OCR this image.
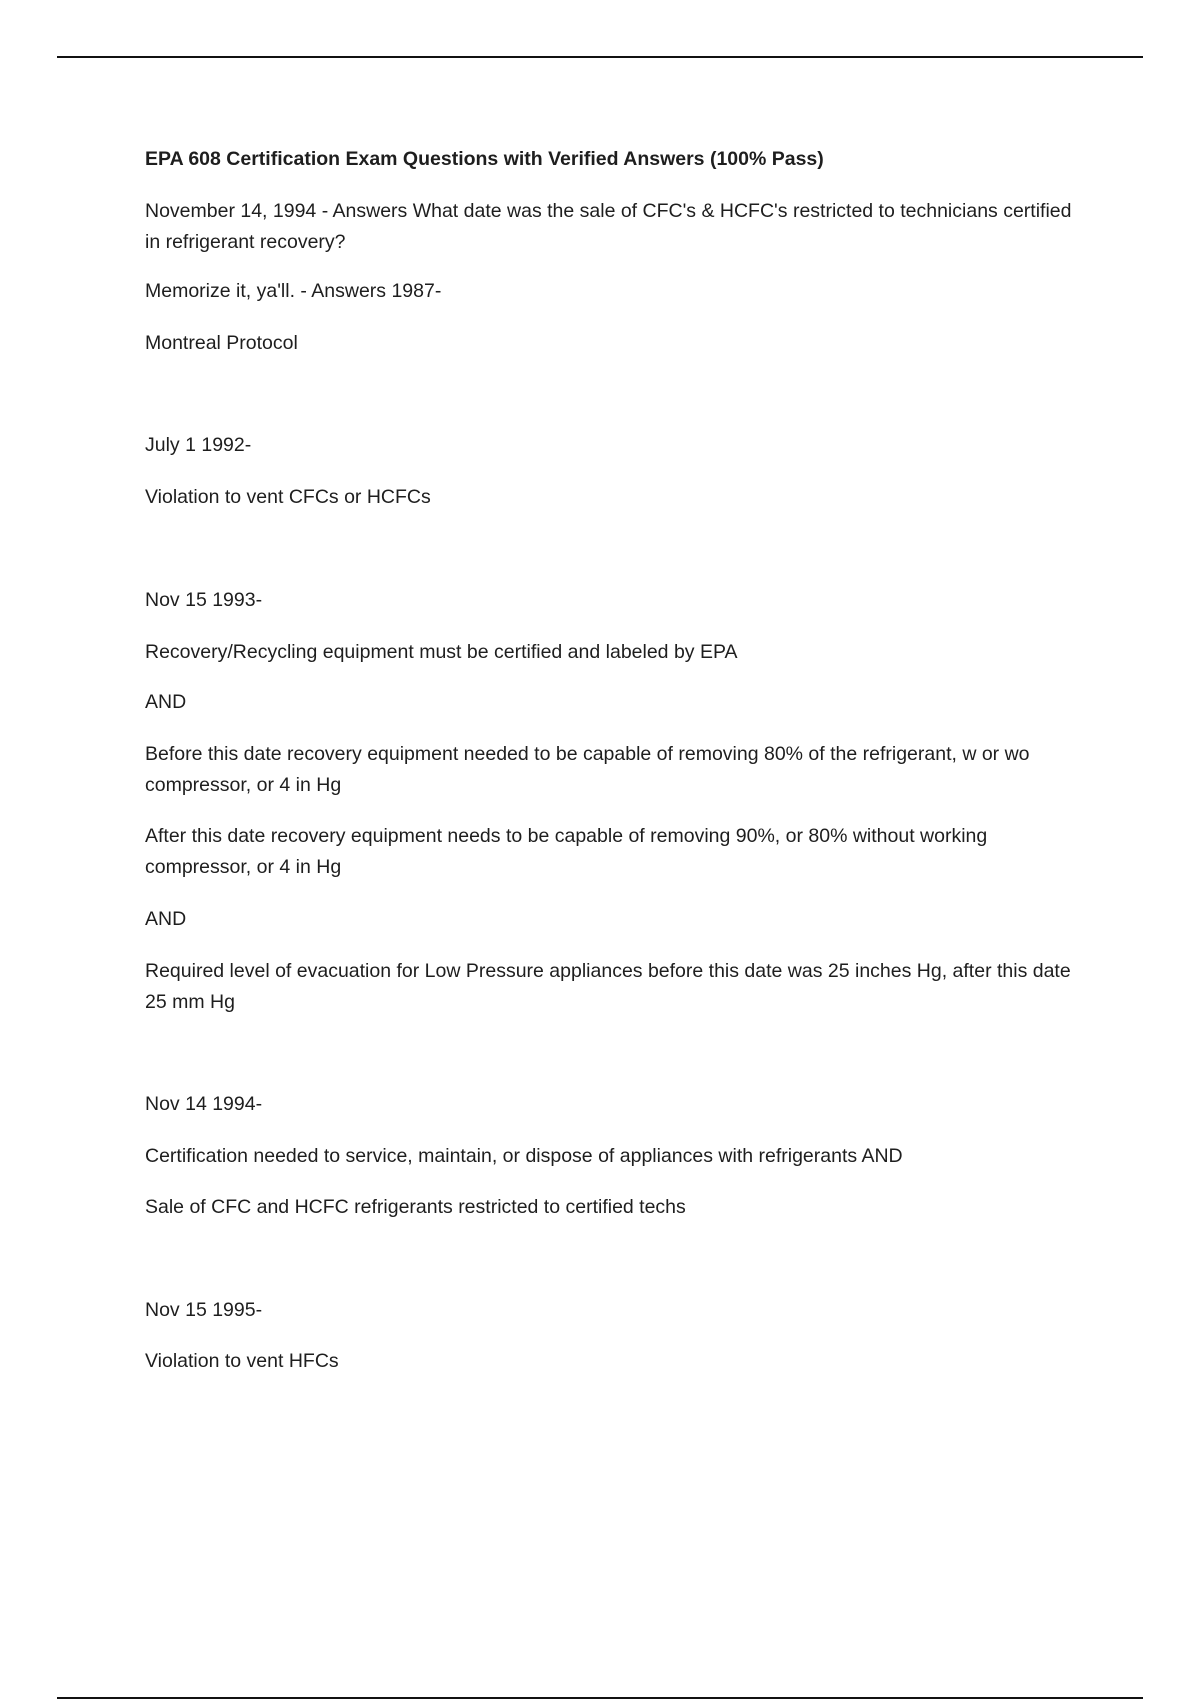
EPA 608 Certification Exam Questions with Verified Answers (100% Pass)
November 14, 1994 - Answers What date was the sale of CFC's & HCFC's restricted to technicians certified in refrigerant recovery?
Memorize it, ya'll. - Answers 1987-
Montreal Protocol
July 1 1992-
Violation to vent CFCs or HCFCs
Nov 15 1993-
Recovery/Recycling equipment must be certified and labeled by EPA
AND
Before this date recovery equipment needed to be capable of removing 80% of the refrigerant, w or wo compressor, or 4 in Hg
After this date recovery equipment needs to be capable of removing 90%, or 80% without working compressor, or 4 in Hg
AND
Required level of evacuation for Low Pressure appliances before this date was 25 inches Hg, after this date 25 mm Hg
Nov 14 1994-
Certification needed to service, maintain, or dispose of appliances with refrigerants AND
Sale of CFC and HCFC refrigerants restricted to certified techs
Nov 15 1995-
Violation to vent HFCs
